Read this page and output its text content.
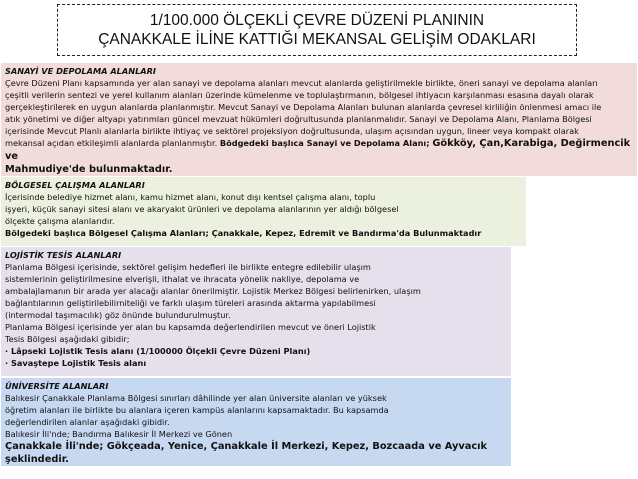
1/100.000 ÖLÇEKLİ ÇEVRE DÜZENİ PLANININ
ÇANAKKALE İLİNE KATTIĞI MEKANSAL GELİŞİM ODAKLARI
SANAYİ VE DEPOLAMA ALANLARI
Çevre Düzeni Planı kapsamında yer alan sanayi ve depolama alanları mevcut alanlarda geliştirilmekle birlikte, öneri sanayi ve depolama alanları
çeşitli verilerin sentezi ve yerel kullanım alanları üzerinde kümelenme ve toplulaştırmanın, bölgesel ihtiyacın karşılanması esasına dayalı olarak
gerçekleştirilerek en uygun alanlarda planlanmıştır. Mevcut Sanayi ve Depolama Alanları bulunan alanlarda çevresel kirliliğin önlenmesi amacı ile
atık yönetimi ve diğer altyapı yatırımları güncel mevzuat hükümleri doğrultusunda planlanmalıdır. Sanayi ve Depolama Alanı, Planlama Bölgesi
içerisinde Mevcut Planlı alanlarla birlikte ihtiyaç ve sektörel projeksiyon doğrultusunda, ulaşım açısından uygun, lineer veya kompakt olarak
mekansal açıdan etkileşimli alanlarda planlanmıştır. Bödgedeki başlıca Sanayi ve Depolama Alanı; Gökköy, Çan,Karabiga, Değirmencik ve
Mahmudiye'de bulunmaktadır.
BÖLGESEL ÇALIŞMA ALANLARI
İçerisinde belediye hizmet alanı, kamu hizmet alanı, konut dışı kentsel çalışma alanı, toplu
işyeri, küçük sanayi sitesi alanı ve akaryakıt ürünleri ve depolama alanlarının yer aldığı bölgesel
ölçekte çalışma alanlarıdır.
Bölgedeki başlıca Bölgesel Çalışma Alanları; Çanakkale, Kepez, Edremit ve Bandırma'da Bulunmaktadır
LOJİSTİK TESİS ALANLARI
Planlama Bölgesi içerisinde, sektörel gelişim hedefleri ile birlikte entegre edilebilir ulaşım
sistemlerinin geliştirilmesine elverişli, ithalat ve ihracata yönelik nakliye, depolama ve
ambalajlamanın bir arada yer alacağı alanlar önerilmiştir. Lojistik Merkez Bölgesi belirlenirken, ulaşım
bağlantılarının geliştirilebilirniteliği ve farklı ulaşım türeleri arasında aktarma yapılabilmesi
(intermodal taşımacılık) göz önünde bulundurulmuştur.
Planlama Bölgesi içerisinde yer alan bu kapsamda değerlendirilen mevcut ve öneri Lojistik
Tesis Bölgesi aşağıdaki gibidir;
· Lâpseki Lojistik Tesis alanı (1/100000 Ölçekli Çevre Düzeni Planı)
· Savaştepe Lojistik Tesis alanı
ÜNİVERSİTE ALANLARI
Balıkesir Çanakkale Planlama Bölgesi sınırları dâhilinde yer alan üniversite alanları ve yüksek
öğretim alanları ile birlikte bu alanlara içeren kampüs alanlarını kapsamaktadır. Bu kapsamda
değerlendirilen alanlar aşağıdaki gibidir.
Balıkesir İli'nde; Bandırma Balıkesir İl Merkezi ve Gönen
Çanakkale İli'nde; Gökçeada, Yenice, Çanakkale İl Merkezi, Kepez, Bozcaada ve Ayvacık şeklindedir.
